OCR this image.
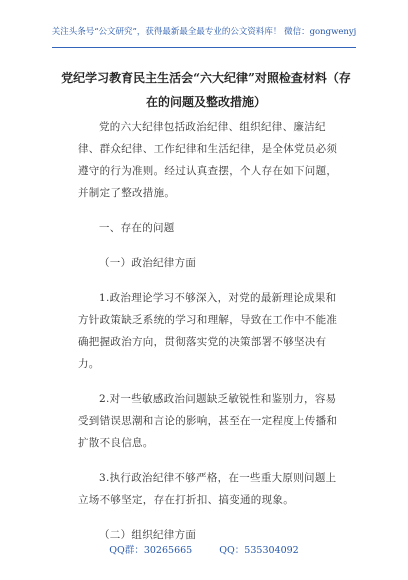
关注头条号“公文研究”，获得最新最全最专业的公文资料库！ 微信：gongwenyj
党纪学习教育民主生活会“六大纪律”对照检查材料（存在的问题及整改措施）

党的六大纪律包括政治纪律、组织纪律、廉洁纪律、群众纪律、工作纪律和生活纪律，是全体党员必须遵守的行为准则。经过认真查摆，个人存在如下问题，并制定了整改措施。

一、存在的问题

（一）政治纪律方面

1.政治理论学习不够深入，对党的最新理论成果和方针政策缺乏系统的学习和理解，导致在工作中不能准确把握政治方向，贯彻落实党的决策部署不够坚决有力。

2.对一些敏感政治问题缺乏敏锐性和鉴别力，容易受到错误思潮和言论的影响，甚至在一定程度上传播和扩散不良信息。

3.执行政治纪律不够严格，在一些重大原则问题上立场不够坚定，存在打折扣、搞变通的现象。

（二）组织纪律方面

QQ群：30265665	QQ：535304092
